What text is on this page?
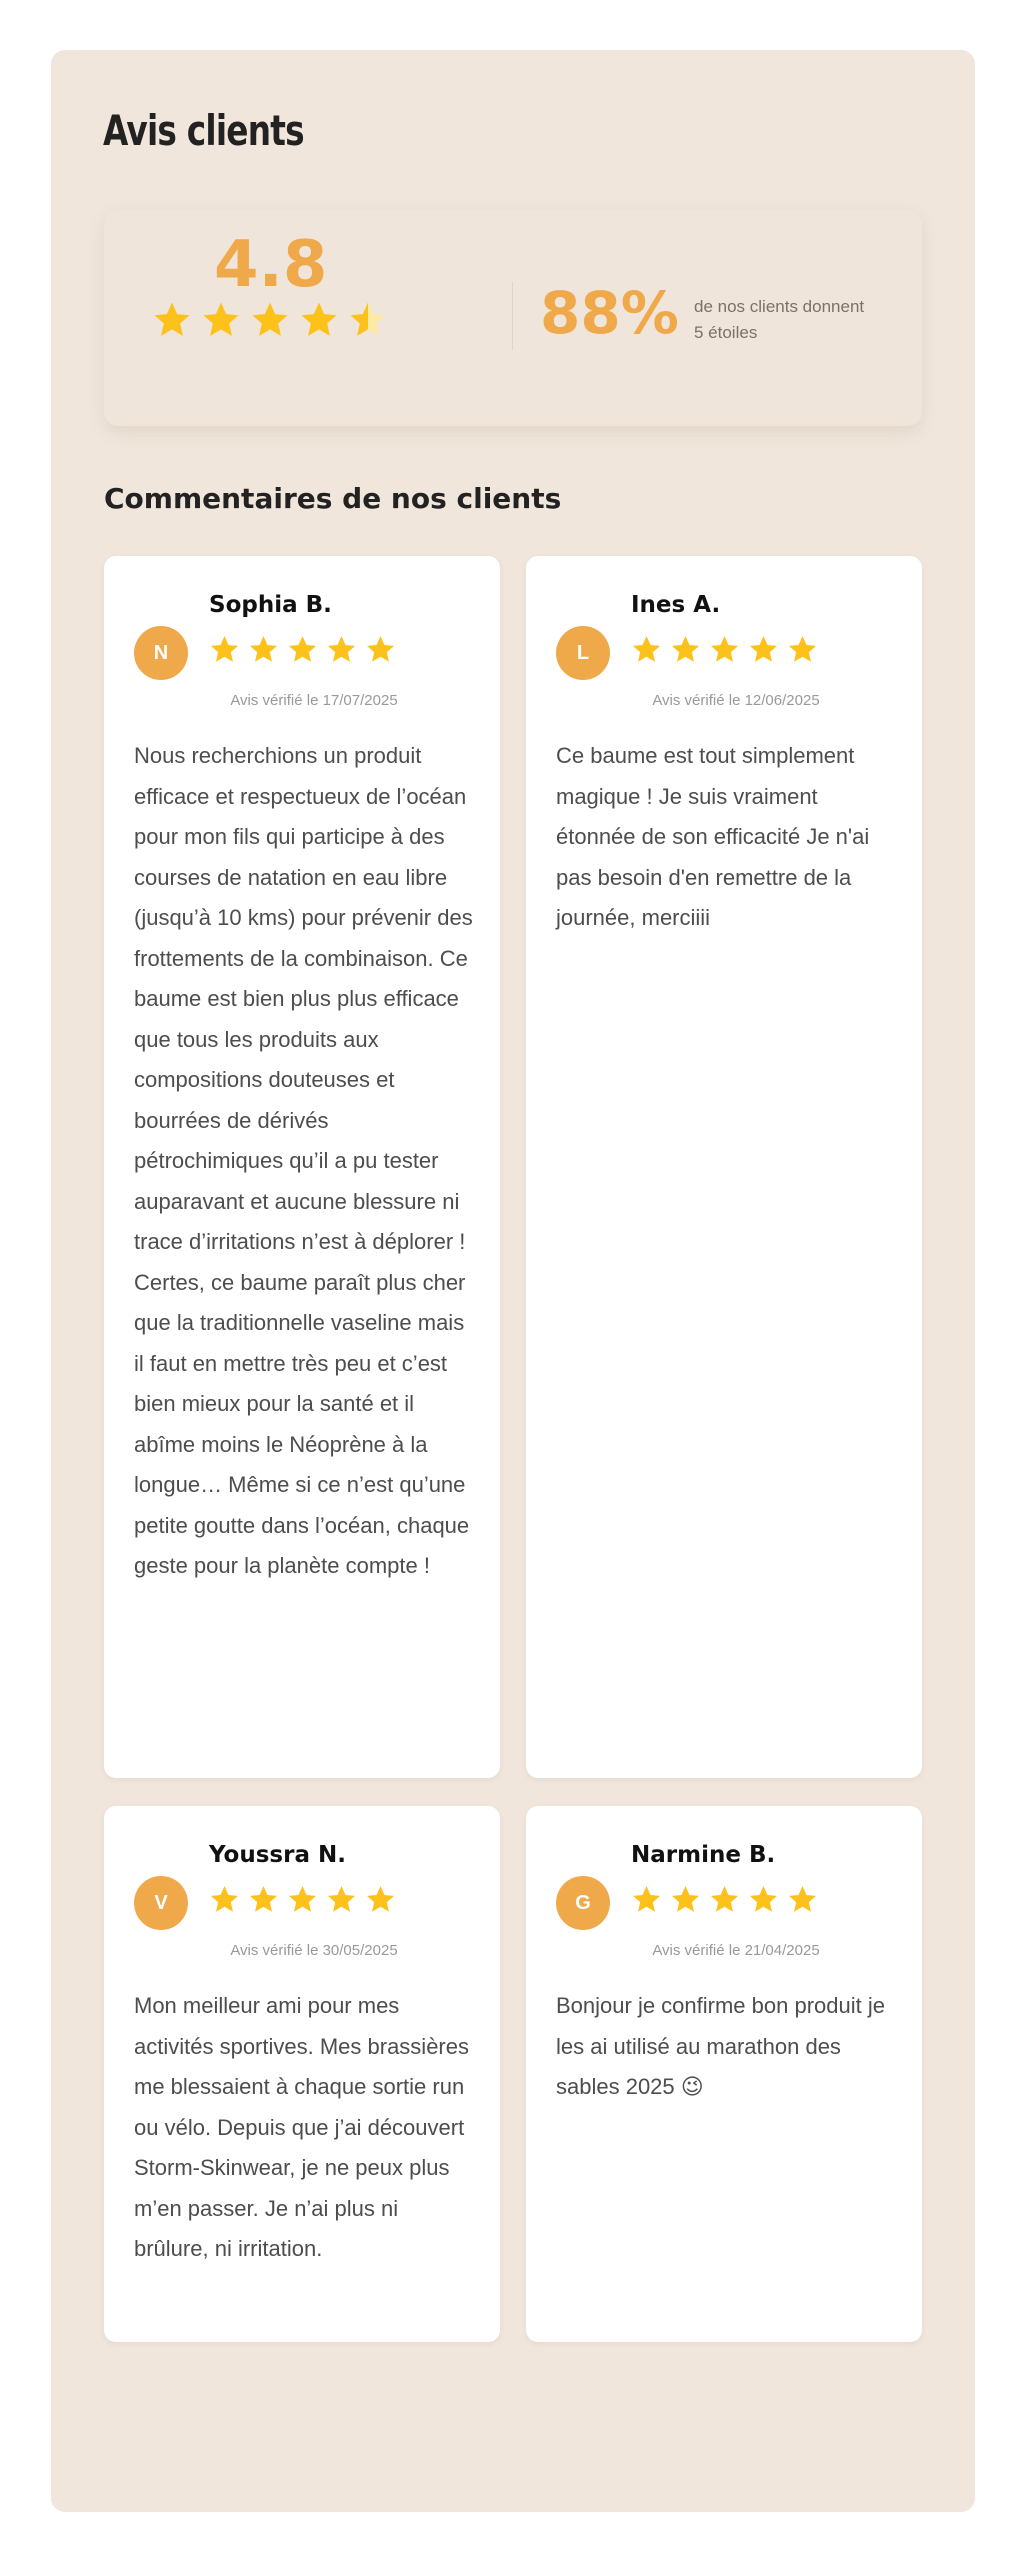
Avis clients
4.8
88% de nos clients donnent
5 étoiles
Commentaires de nos clients
N
Sophia B.
Avis vérifié le 17/07/2025

Nous recherchions un produit efficace et respectueux de l’océan pour mon fils qui participe à des courses de natation en eau libre (jusqu’à 10 kms) pour prévenir des frottements de la combinaison. Ce baume est bien plus plus efficace que tous les produits aux compositions douteuses et bourrées de dérivés pétrochimiques qu’il a pu tester auparavant et aucune blessure ni trace d’irritations n’est à déplorer ! Certes, ce baume paraît plus cher que la traditionnelle vaseline mais il faut en mettre très peu et c’est bien mieux pour la santé et il abîme moins le Néoprène à la longue… Même si ce n’est qu’une petite goutte dans l’océan, chaque geste pour la planète compte !

L
Ines A.
Avis vérifié le 12/06/2025

Ce baume est tout simplement magique ! Je suis vraiment étonnée de son efficacité Je n'ai pas besoin d'en remettre de la journée, merciiii

V
Youssra N.
Avis vérifié le 30/05/2025

Mon meilleur ami pour mes activités sportives. Mes brassières me blessaient à chaque sortie run ou vélo. Depuis que j’ai découvert Storm-Skinwear, je ne peux plus m’en passer. Je n’ai plus ni brûlure, ni irritation.

G
Narmine B.
Avis vérifié le 21/04/2025

Bonjour je confirme bon produit je les ai utilisé au marathon des sables 2025 😉
